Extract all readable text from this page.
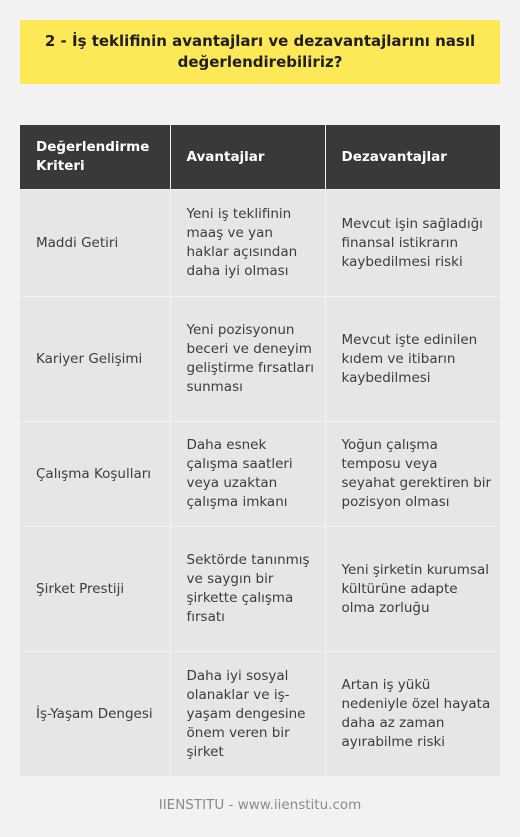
2 - İş teklifinin avantajları ve dezavantajlarını nasıl değerlendirebiliriz?
Değerlendirme Kriteri	Avantajlar	Dezavantajlar
Maddi Getiri	Yeni iş teklifinin maaş ve yan haklar açısından daha iyi olması	Mevcut işin sağladığı finansal istikrarın kaybedilmesi riski
Kariyer Gelişimi	Yeni pozisyonun beceri ve deneyim geliştirme fırsatları sunması	Mevcut işte edinilen kıdem ve itibarın kaybedilmesi
Çalışma Koşulları	Daha esnek çalışma saatleri veya uzaktan çalışma imkanı	Yoğun çalışma temposu veya seyahat gerektiren bir pozisyon olması
Şirket Prestiji	Sektörde tanınmış ve saygın bir şirkette çalışma fırsatı	Yeni şirketin kurumsal kültürüne adapte olma zorluğu
İş-Yaşam Dengesi	Daha iyi sosyal olanaklar ve iş-yaşam dengesine önem veren bir şirket	Artan iş yükü nedeniyle özel hayata daha az zaman ayırabilme riski
IIENSTITU - www.iienstitu.com
